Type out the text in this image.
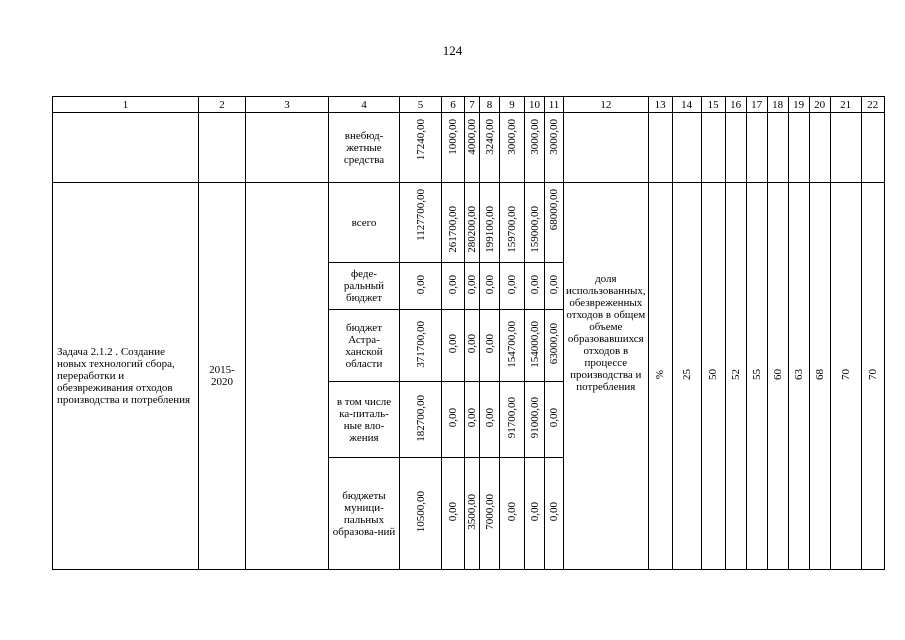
124
1	2	3	4	5	6	7	8	9	10	11	12	13	14	15	16	17	18	19	20	21	22
			внебюд-жетные средства	17240,00	1000,00	4000,00	3240,00	3000,00	3000,00	3000,00											
Задача 2.1.2 . Создание новых технологий сбора, переработки и обезвреживания отходов производства и потребления	2015-2020		всего	1127700,00	261700,00	280200,00	199100,00	159700,00	159000,00	68000,00	доля использованных, обезвреженных отходов в общем объеме образовавшихся отходов в процессе производства и потребления	%	25	50	52	55	60	63	68	70	70
			феде-ральный бюджет	0,00	0,00	0,00	0,00	0,00	0,00	0,00											
			бюджет Астра-ханской области	371700,00	0,00	0,00	0,00	154700,00	154000,00	63000,00											
			в том числе ка-питаль-ные вло-жения	182700,00	0,00	0,00	0,00	91700,00	91000,00	0,00											
			бюджеты муници-пальных образова-ний	10500,00	0,00	3500,00	7000,00	0,00	0,00	0,00											
